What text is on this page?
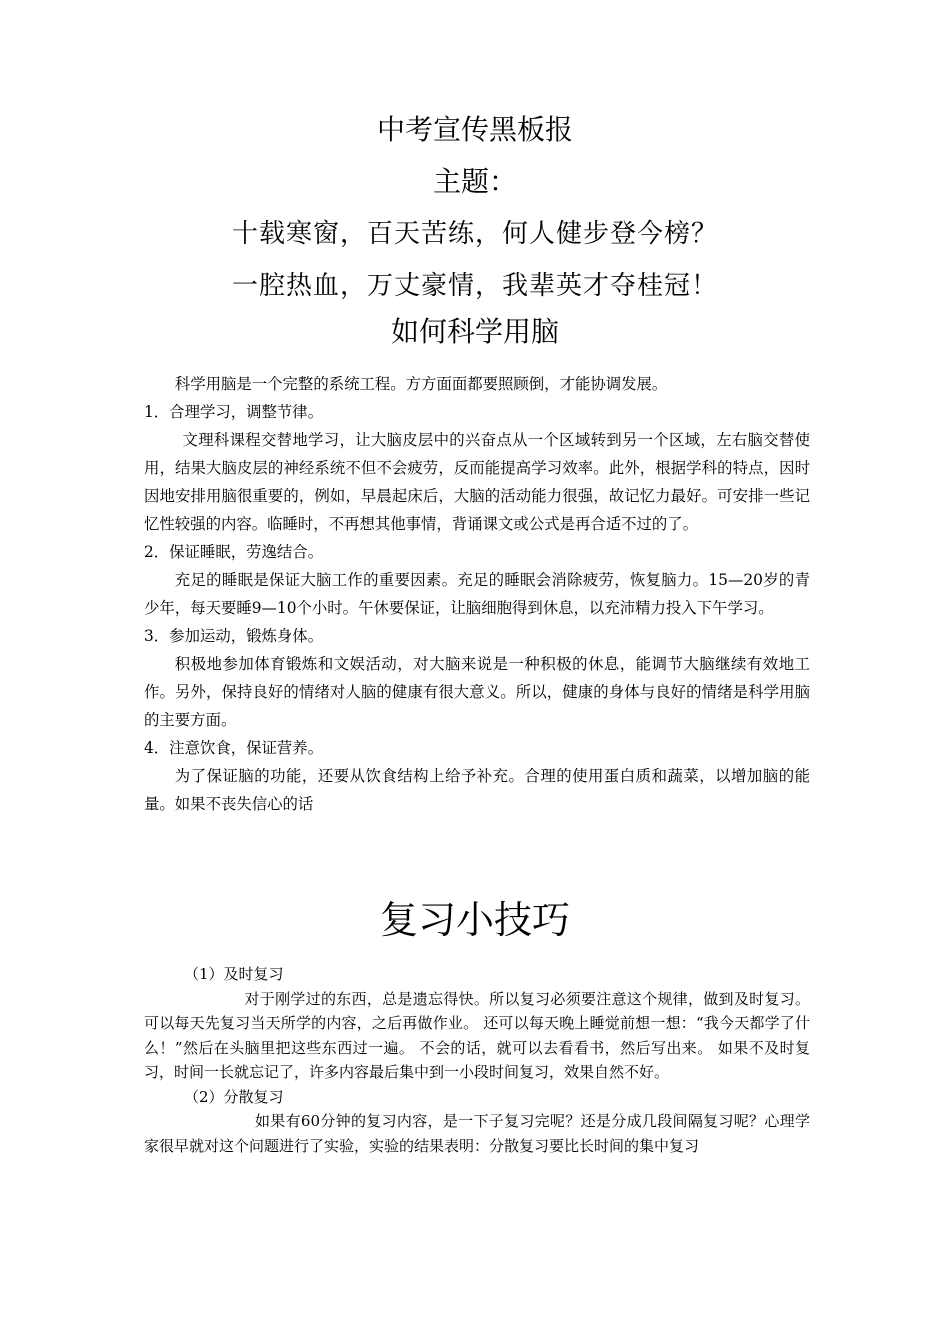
中考宣传黑板报
主题：
十载寒窗，百天苦练，何人健步登今榜？
一腔热血，万丈豪情，我辈英才夺桂冠！
如何科学用脑

科学用脑是一个完整的系统工程。方方面面都要照顾倒，才能协调发展。

1．合理学习，调整节律。

文理科课程交替地学习，让大脑皮层中的兴奋点从一个区域转到另一个区域，左右脑交替使用，结果大脑皮层的神经系统不但不会疲劳，反而能提高学习效率。此外，根据学科的特点，因时因地安排用脑很重要的，例如，早晨起床后，大脑的活动能力很强，故记忆力最好。可安排一些记忆性较强的内容。临睡时，不再想其他事情，背诵课文或公式是再合适不过的了。

2．保证睡眠，劳逸结合。

充足的睡眠是保证大脑工作的重要因素。充足的睡眠会消除疲劳，恢复脑力。15—20岁的青少年，每天要睡9—10个小时。午休要保证，让脑细胞得到休息，以充沛精力投入下午学习。

3．参加运动，锻炼身体。

积极地参加体育锻炼和文娱活动，对大脑来说是一种积极的休息，能调节大脑继续有效地工作。另外，保持良好的情绪对人脑的健康有很大意义。所以，健康的身体与良好的情绪是科学用脑的主要方面。

4．注意饮食，保证营养。

为了保证脑的功能，还要从饮食结构上给予补充。合理的使用蛋白质和蔬菜，以增加脑的能量。如果不丧失信心的话

复习小技巧

（1）及时复习

对于刚学过的东西，总是遗忘得快。所以复习必须要注意这个规律，做到及时复习。可以每天先复习当天所学的内容，之后再做作业。 还可以每天晚上睡觉前想一想：“我今天都学了什么！”然后在头脑里把这些东西过一遍。 不会的话，就可以去看看书，然后写出来。 如果不及时复习，时间一长就忘记了，许多内容最后集中到一小段时间复习，效果自然不好。

（2）分散复习

如果有60分钟的复习内容，是一下子复习完呢？还是分成几段间隔复习呢？心理学家很早就对这个问题进行了实验，实验的结果表明：分散复习要比长时间的集中复习
